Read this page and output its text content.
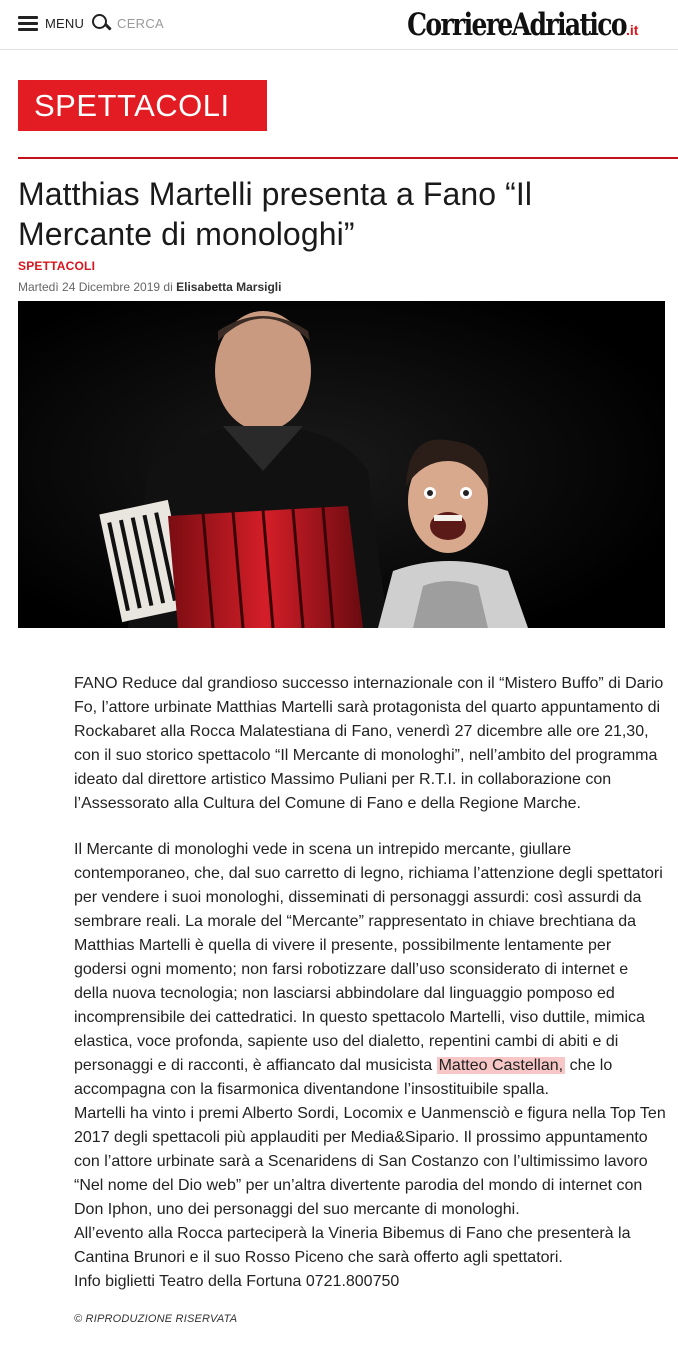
MENU
CERCA	CorriereAdriatico .it
SPETTACOLI
Matthias Martelli presenta a Fano “Il Mercante di monologhi”
SPETTACOLI
Martedì 24 Dicembre 2019 di Elisabetta Marsigli

FANO Reduce dal grandioso successo internazionale con il “Mistero Buffo” di Dario Fo, l’attore urbinate Matthias Martelli sarà protagonista del quarto appuntamento di Rockabaret alla Rocca Malatestiana di Fano, venerdì 27 dicembre alle ore 21,30, con il suo storico spettacolo “Il Mercante di monologhi”, nell’ambito del programma ideato dal direttore artistico Massimo Puliani per R.T.I. in collaborazione con l’Assessorato alla Cultura del Comune di Fano e della Regione Marche.

Il Mercante di monologhi vede in scena un intrepido mercante, giullare contemporaneo, che, dal suo carretto di legno, richiama l’attenzione degli spettatori per vendere i suoi monologhi, disseminati di personaggi assurdi: così assurdi da sembrare reali. La morale del “Mercante” rappresentato in chiave brechtiana da Matthias Martelli è quella di vivere il presente, possibilmente lentamente per godersi ogni momento; non farsi robotizzare dall’uso sconsiderato di internet e della nuova tecnologia; non lasciarsi abbindolare dal linguaggio pomposo ed incomprensibile dei cattedratici. In questo spettacolo Martelli, viso duttile, mimica elastica, voce profonda, sapiente uso del dialetto, repentini cambi di abiti e di personaggi e di racconti, è affiancato dal musicista Matteo Castellan, che lo accompagna con la fisarmonica diventandone l’insostituibile spalla.

Martelli ha vinto i premi Alberto Sordi, Locomix e Uanmensciò e figura nella Top Ten 2017 degli spettacoli più applauditi per Media&Sipario. Il prossimo appuntamento con l’attore urbinate sarà a Scenaridens di San Costanzo con l’ultimissimo lavoro “Nel nome del Dio web” per un’altra divertente parodia del mondo di internet con Don Iphon, uno dei personaggi del suo mercante di monologhi.

All’evento alla Rocca parteciperà la Vineria Bibemus di Fano che presenterà la Cantina Brunori e il suo Rosso Piceno che sarà offerto agli spettatori.

Info biglietti Teatro della Fortuna 0721.800750

© RIPRODUZIONE RISERVATA
